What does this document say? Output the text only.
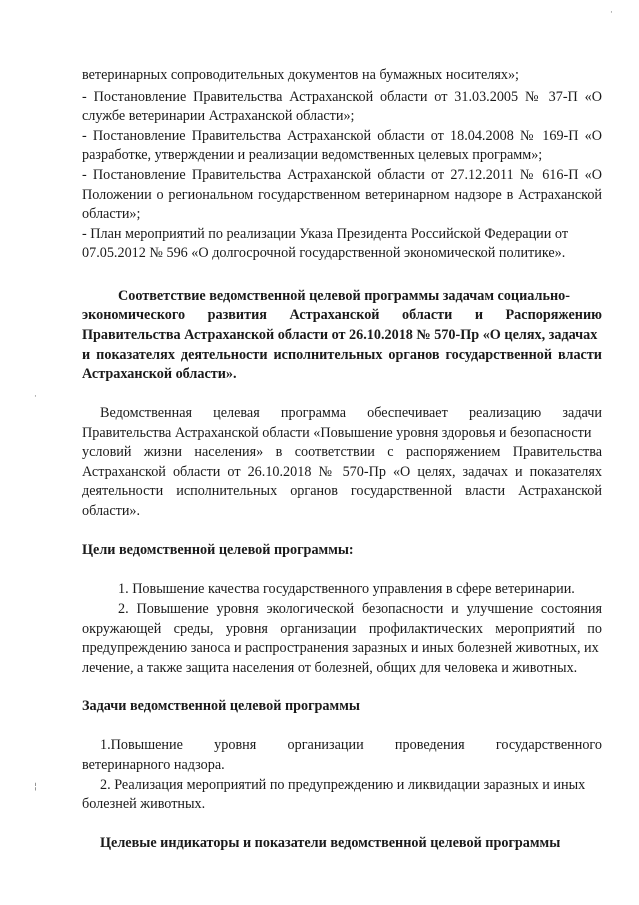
ветеринарных сопроводительных документов на бумажных носителях»;
- Постановление Правительства Астраханской области от 31.03.2005 № 37-П «О
службе ветеринарии Астраханской области»;
- Постановление Правительства Астраханской области от 18.04.2008 № 169-П «О
разработке, утверждении и реализации ведомственных целевых программ»;
- Постановление Правительства Астраханской области от 27.12.2011 № 616-П «О
Положении о региональном государственном ветеринарном надзоре в Астраханской
области»;
- План мероприятий по реализации Указа Президента Российской Федерации от
07.05.2012 № 596 «О долгосрочной государственной экономической политике».
Соответствие ведомственной целевой программы задачам социально-
экономического развития Астраханской области и Распоряжению
Правительства Астраханской области от 26.10.2018 № 570-Пр «О целях, задачах
и показателях деятельности исполнительных органов государственной власти
Астраханской области».
Ведомственная целевая программа обеспечивает реализацию задачи
Правительства Астраханской области «Повышение уровня здоровья и безопасности
условий жизни населения» в соответствии с распоряжением Правительства
Астраханской области от 26.10.2018 № 570-Пр «О целях, задачах и показателях
деятельности исполнительных органов государственной власти Астраханской
области».
Цели ведомственной целевой программы:
1. Повышение качества государственного управления в сфере ветеринарии.
2. Повышение уровня экологической безопасности и улучшение состояния
окружающей среды, уровня организации профилактических мероприятий по
предупреждению заноса и распространения заразных и иных болезней животных, их
лечение, а также защита населения от болезней, общих для человека и животных.
Задачи ведомственной целевой программы
1.Повышение уровня организации проведения государственного
ветеринарного надзора.
2. Реализация мероприятий по предупреждению и ликвидации заразных и иных
болезней животных.
Целевые индикаторы и показатели ведомственной целевой программы
·
·
¦
